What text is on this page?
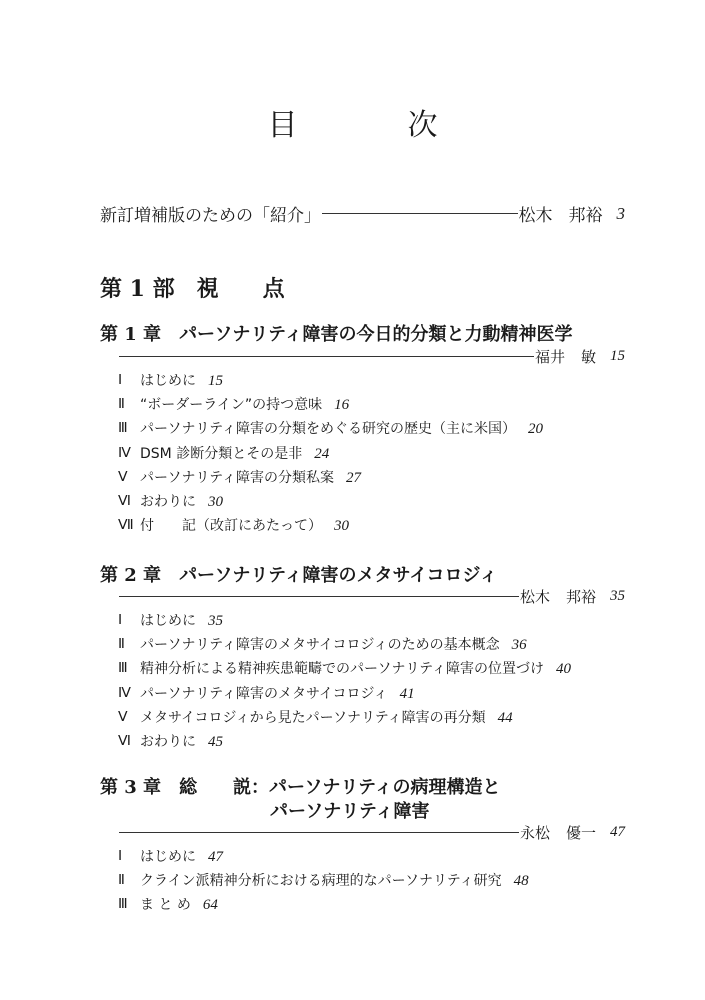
目　次
新訂増補版のための「紹介」	松木 邦裕 3
第 1 部　視　　点
第 1 章　 パーソナリティ障害の今日的分類と力動精神医学
福井 敏 15
Ⅰ	はじめに 15
Ⅱ	“ボーダーライン”の持つ意味 16
Ⅲ パーソナリティ障害の分類をめぐる研究の歴史（主に米国） 20
Ⅳ DSM 診断分類とその是非 24
Ⅴ パーソナリティ障害の分類私案 27
Ⅵ おわりに 30
Ⅶ 付　　記（改訂にあたって） 30
第 2 章　 パーソナリティ障害のメタサイコロジィ
松木 邦裕 35
Ⅰ	はじめに 35
Ⅱ	パーソナリティ障害のメタサイコロジィのための基本概念 36
Ⅲ 精神分析による精神疾患範疇でのパーソナリティ障害の位置づけ 40
Ⅳ パーソナリティ障害のメタサイコロジィ 41
Ⅴ メタサイコロジィから見たパーソナリティ障害の再分類 44
Ⅵ おわりに 45
第 3 章　 総　　説：パーソナリティの病理構造と
パーソナリティ障害
永松 優一 47
Ⅰ	はじめに 47
Ⅱ	クライン派精神分析における病理的なパーソナリティ研究 48
Ⅲ ま と め 64
